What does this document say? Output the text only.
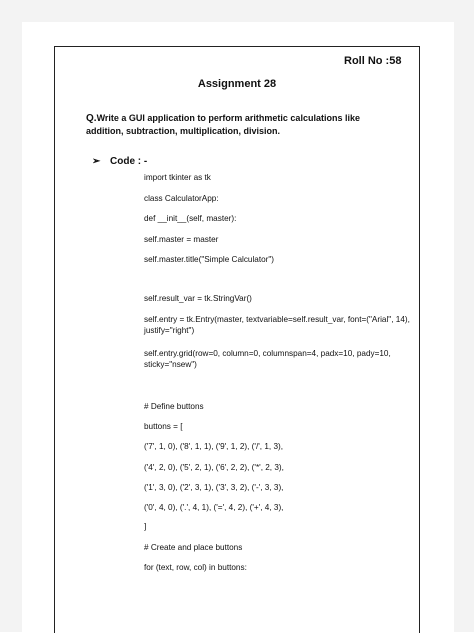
Roll No :58
Assignment 28
Q.Write a GUI application to perform arithmetic calculations like addition, subtraction, multiplication, division.
➢ Code : -
import tkinter as tk
class CalculatorApp:
def __init__(self, master):
self.master = master
self.master.title("Simple Calculator")
self.result_var = tk.StringVar()
self.entry = tk.Entry(master, textvariable=self.result_var, font=("Arial", 14), justify="right")
self.entry.grid(row=0, column=0, columnspan=4, padx=10, pady=10, sticky="nsew")
# Define buttons
buttons = [
('7', 1, 0), ('8', 1, 1), ('9', 1, 2), ('/', 1, 3),
('4', 2, 0), ('5', 2, 1), ('6', 2, 2), ('*', 2, 3),
('1', 3, 0), ('2', 3, 1), ('3', 3, 2), ('-', 3, 3),
('0', 4, 0), ('.', 4, 1), ('=', 4, 2), ('+', 4, 3),
]
# Create and place buttons
for (text, row, col) in buttons:
